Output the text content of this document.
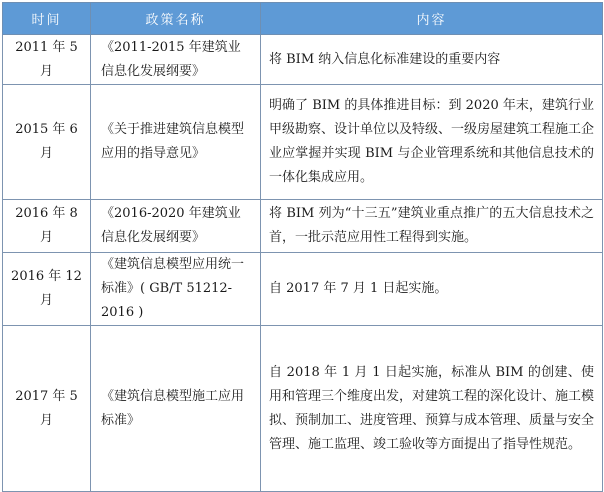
时间	政策名称	内容
2011 年 5 月	《2011-2015 年建筑业信息化发展纲要》	将 BIM 纳入信息化标准建设的重要内容
2015 年 6 月	《关于推进建筑信息模型应用的指导意见》	明确了 BIM 的具体推进目标：到 2020 年末，建筑行业甲级勘察、设计单位以及特级、一级房屋建筑工程施工企业应掌握并实现 BIM 与企业管理系统和其他信息技术的一体化集成应用。
2016 年 8 月	《2016-2020 年建筑业信息化发展纲要》	将 BIM 列为“十三五”建筑业重点推广的五大信息技术之首，一批示范应用性工程得到实施。
2016 年 12 月	《建筑信息模型应用统一标准》( GB/T 51212-2016 )	自 2017 年 7 月 1 日起实施。
2017 年 5 月	《建筑信息模型施工应用标准》	自 2018 年 1 月 1 日起实施，标准从 BIM 的创建、使用和管理三个维度出发，对建筑工程的深化设计、施工模拟、预制加工、进度管理、预算与成本管理、质量与安全管理、施工监理、竣工验收等方面提出了指导性规范。
